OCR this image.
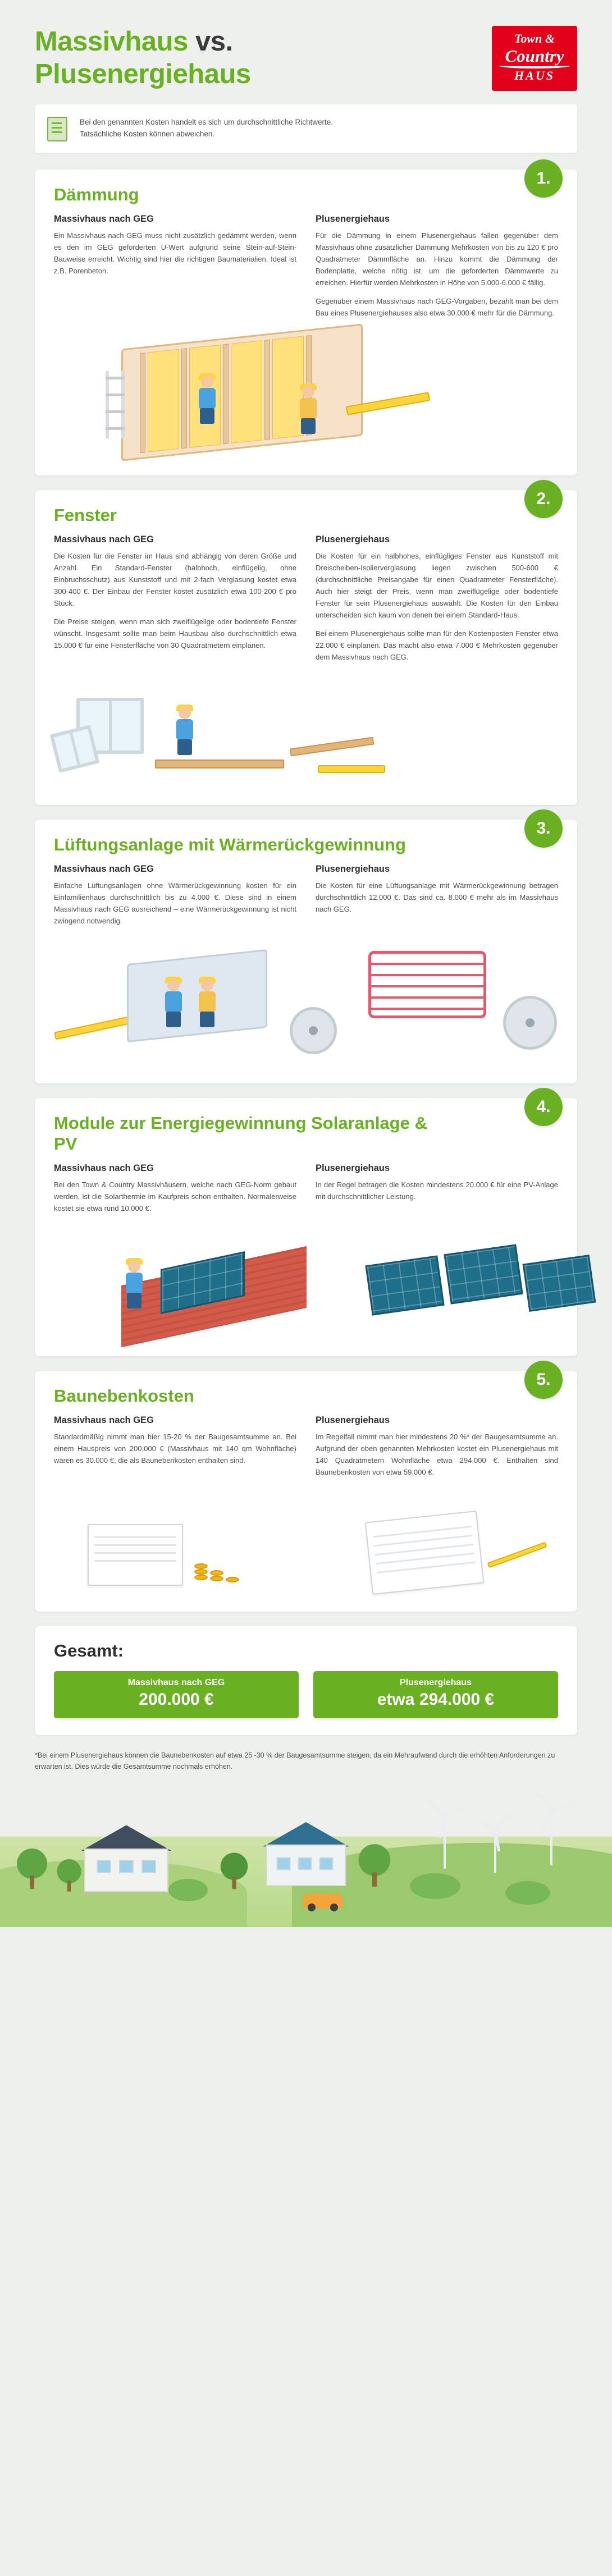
Massivhaus vs.
Plusenergiehaus
Town &
Country
HAUS
Bei den genannten Kosten handelt es sich um durchschnittliche Richtwerte.
Tatsächliche Kosten können abweichen.
1.
Dämmung
Massivhaus nach GEG

Ein Massivhaus nach GEG muss nicht zusätzlich gedämmt werden, wenn es den im GEG geforderten U-Wert aufgrund seine Stein-auf-Stein-Bauweise erreicht. Wichtig sind hier die richtigen Baumaterialien. Ideal ist z.B. Porenbeton.

Plusenergiehaus

Für die Dämmung in einem Plusenergiehaus fallen gegenüber dem Massivhaus ohne zusätzlicher Dämmung Mehrkosten von bis zu 120 € pro Quadratmeter Dämmfläche an. Hinzu kommt die Dämmung der Bodenplatte, welche nötig ist, um die geforderten Dämmwerte zu erreichen. Hierfür werden Mehrkosten in Höhe von 5.000-6.000 € fällig.

Gegenüber einem Massivhaus nach GEG-Vorgaben, bezahlt man bei dem Bau eines Plusenergiehauses also etwa 30.000 € mehr für die Dämmung.

2.
Fenster
Massivhaus nach GEG

Die Kosten für die Fenster im Haus sind abhängig von deren Größe und Anzahl. Ein Standard-Fenster (halbhoch, einflügelig, ohne Einbruchsschutz) aus Kunststoff und mit 2-fach Verglasung kostet etwa 300-400 €. Der Einbau der Fenster kostet zusätzlich etwa 100-200 € pro Stück.

Die Preise steigen, wenn man sich zweiflügelige oder bodentiefe Fenster wünscht. Insgesamt sollte man beim Hausbau also durchschnittlich etwa 15.000 € für eine Fensterfläche von 30 Quadratmetern einplanen.

Plusenergiehaus

Die Kosten für ein halbhohes, einflügliges Fenster aus Kunststoff mit Dreischeiben-Isolierverglasung liegen zwischen 500-600 € (durchschnittliche Preisangabe für einen Quadratmeter Fensterfläche). Auch hier steigt der Preis, wenn man zweiflügelige oder bodentiefe Fenster für sein Plusenergiehaus auswählt. Die Kosten für den Einbau unterscheiden sich kaum von denen bei einem Standard-Haus.

Bei einem Plusenergiehaus sollte man für den Kostenposten Fenster etwa 22.000 € einplanen. Das macht also etwa 7.000 € Mehrkosten gegenüber dem Massivhaus nach GEG.

3.
Lüftungsanlage mit Wärmerückgewinnung
Massivhaus nach GEG

Einfache Lüftungsanlagen ohne Wärmerückgewinnung kosten für ein Einfamilienhaus durchschnittlich bis zu 4.000 €. Diese sind in einem Massivhaus nach GEG ausreichend – eine Wärmerückgewinnung ist nicht zwingend notwendig.

Plusenergiehaus

Die Kosten für eine Lüftungsanlage mit Wärmerückgewinnung betragen durchschnittlich 12.000 €. Das sind ca. 8.000 € mehr als im Massivhaus nach GEG.

4.
Module zur Energiegewinnung Solaranlage & PV
Massivhaus nach GEG

Bei den Town & Country Massivhäusern, welche nach GEG-Norm gebaut werden, ist die Solarthermie im Kaufpreis schon enthalten. Normalerweise kostet sie etwa rund 10.000 €.

Plusenergiehaus

In der Regel betragen die Kosten mindestens 20.000 € für eine PV-Anlage mit durchschnittlicher Leistung.

5.
Baunebenkosten
Massivhaus nach GEG

Standardmäßig nimmt man hier 15-20 % der Baugesamtsumme an. Bei einem Hauspreis von 200.000 € (Massivhaus mit 140 qm Wohnfläche) wären es 30.000 €, die als Baunebenkosten enthalten sind.

Plusenergiehaus

Im Regelfall nimmt man hier mindestens 20 %* der Baugesamtsumme an. Aufgrund der oben genannten Mehrkosten kostet ein Plusenergiehaus mit 140 Quadratmetern Wohnfläche etwa 294.000 €. Enthalten sind Baunebenkosten von etwa 59.000 €.

Gesamt:
Massivhaus nach GEG
200.000 €
Plusenergiehaus
etwa 294.000 €
*Bei einem Plusenergiehaus können die Baunebenkosten auf etwa 25 -30 % der Baugesamtsumme steigen, da ein Mehraufwand durch die erhöhten Anforderungen zu erwarten ist. Dies würde die Gesamtsumme nochmals erhöhen.
